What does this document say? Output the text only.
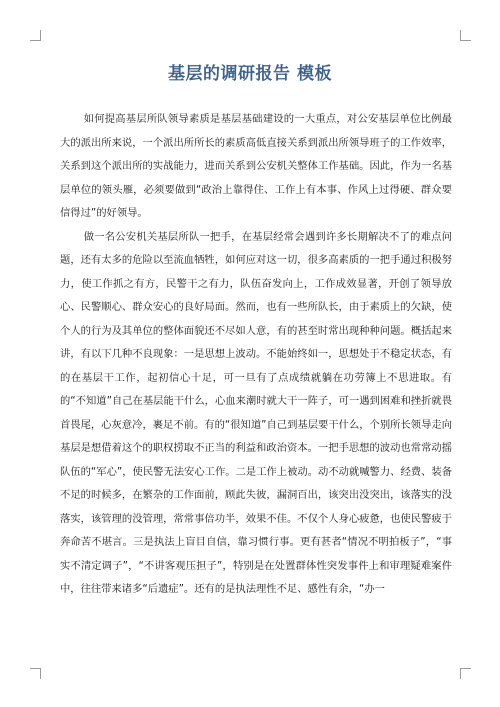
基层的调研报告 模板

如何提高基层所队领导素质是基层基础建设的一大重点，对公安基层单位比例最大的派出所来说，一个派出所所长的素质高低直接关系到派出所领导班子的工作效率，关系到这个派出所的实战能力，进而关系到公安机关整体工作基础。因此，作为一名基层单位的领头雁，必须要做到“政治上靠得住、工作上有本事、作风上过得硬、群众要信得过”的好领导。

做一名公安机关基层所队一把手，在基层经常会遇到许多长期解决不了的难点问题，还有太多的危险以至流血牺牲，如何应对这一切，很多高素质的一把手通过积极努力，使工作抓之有方，民警干之有力，队伍奋发向上，工作成效显著，开创了领导放心、民警顺心、群众安心的良好局面。然而，也有一些所队长，由于素质上的欠缺，使个人的行为及其单位的整体面貌还不尽如人意，有的甚至时常出现种种问题。概括起来讲，有以下几种不良现象：一是思想上波动。不能始终如一，思想处于不稳定状态，有的在基层干工作，起初信心十足，可一旦有了点成绩就躺在功劳簿上不思进取。有的“不知道”自己在基层能干什么，心血来潮时就大干一阵子，可一遇到困难和挫折就畏首畏尾，心灰意冷，裹足不前。有的“很知道”自己到基层要干什么，个别所长领导走向基层是想借着这个的职权捞取不正当的利益和政治资本。一把手思想的波动也常常动摇队伍的“军心”，使民警无法安心工作。二是工作上被动。动不动就喊警力、经费、装备不足的时候多，在繁杂的工作面前，顾此失彼，漏洞百出，该突出没突出，该落实的没落实，该管理的没管理，常常事倍功半，效果不佳。不仅个人身心疲惫，也使民警疲于奔命苦不堪言。三是执法上盲目自信，靠习惯行事。更有甚者“情况不明拍板子”，“事实不清定调子”，“不讲客观压担子”，特别是在处置群体性突发事件上和审理疑难案件中，往往带来诸多“后遗症”。还有的是执法理性不足、感性有余，“办一
